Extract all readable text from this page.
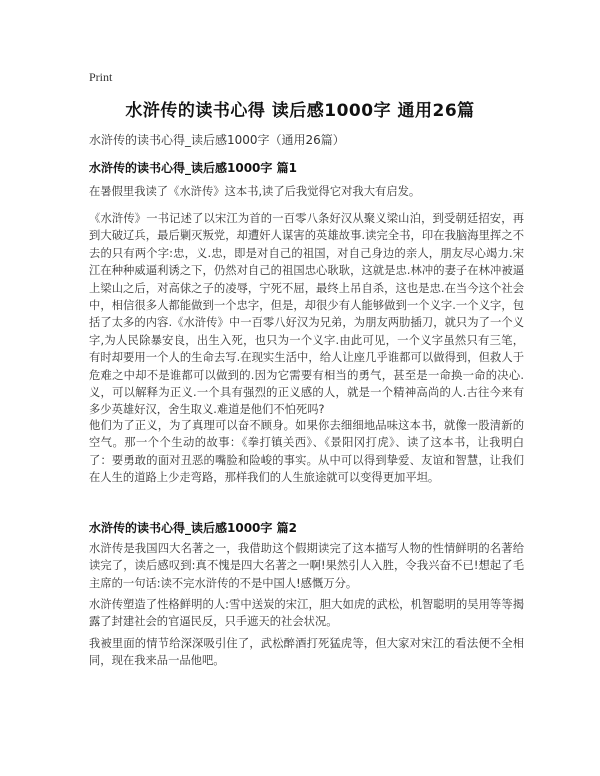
Print
水浒传的读书心得 读后感1000字 通用26篇
水浒传的读书心得_读后感1000字（通用26篇）
水浒传的读书心得_读后感1000字 篇1

在暑假里我读了《水浒传》这本书,读了后我觉得它对我大有启发。

《水浒传》一书记述了以宋江为首的一百零八条好汉从聚义梁山泊，到受朝廷招安，再到大破辽兵，最后剿灭叛党，却遭奸人谋害的英雄故事.读完全书，印在我脑海里挥之不去的只有两个字:忠，义.忠，即是对自己的祖国，对自己身边的亲人，朋友尽心竭力.宋江在种种威逼利诱之下，仍然对自己的祖国忠心耿耿，这就是忠.林冲的妻子在林冲被逼上梁山之后，对高俅之子的凌辱，宁死不屈，最终上吊自杀，这也是忠.在当今这个社会中，相信很多人都能做到一个忠字，但是，却很少有人能够做到一个义字.一个义字，包括了太多的内容.《水浒传》中一百零八好汉为兄弟，为朋友两肋插刀，就只为了一个义字,为人民除暴安良，出生入死，也只为一个义字.由此可见，一个义字虽然只有三笔，有时却要用一个人的生命去写.在现实生活中，给人让座几乎谁都可以做得到，但救人于危难之中却不是谁都可以做到的.因为它需要有相当的勇气，甚至是一命换一命的决心.义，可以解释为正义.一个具有强烈的正义感的人，就是一个精神高尚的人.古往今来有多少英雄好汉，舍生取义.难道是他们不怕死吗?

他们为了正义，为了真理可以奋不顾身。如果你去细细地品味这本书，就像一股清新的空气。那一个个生动的故事：《拳打镇关西》、《景阳冈打虎》、读了这本书，让我明白了：要勇敢的面对丑恶的嘴脸和险峻的事实。从中可以得到挚爱、友谊和智慧，让我们在人生的道路上少走弯路，那样我们的人生旅途就可以变得更加平坦。

水浒传的读书心得_读后感1000字 篇2

水浒传是我国四大名著之一，我借助这个假期读完了这本描写人物的性情鲜明的名著给读完了，读后感叹到:真不愧是四大名著之一啊!果然引人入胜，令我兴奋不已!想起了毛主席的一句话:读不完水浒传的不是中国人!感慨万分。

水浒传塑造了性格鲜明的人:雪中送炭的宋江，胆大如虎的武松，机智聪明的吴用等等揭露了封建社会的官逼民反，只手遮天的社会状况。

我被里面的情节给深深吸引住了，武松醉酒打死猛虎等，但大家对宋江的看法便不全相同，现在我来品一品他吧。
